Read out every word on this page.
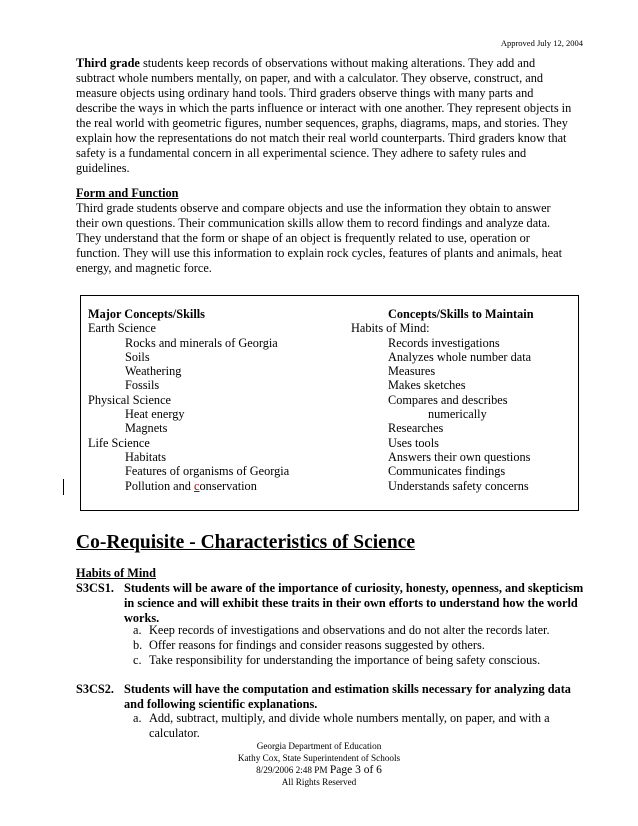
Approved July 12, 2004

Third grade students keep records of observations without making alterations. They add and subtract whole numbers mentally, on paper, and with a calculator. They observe, construct, and measure objects using ordinary hand tools. Third graders observe things with many parts and describe the ways in which the parts influence or interact with one another. They represent objects in the real world with geometric figures, number sequences, graphs, diagrams, maps, and stories. They explain how the representations do not match their real world counterparts. Third graders know that safety is a fundamental concern in all experimental science. They adhere to safety rules and guidelines.

Form and Function

Third grade students observe and compare objects and use the information they obtain to answer their own questions. Their communication skills allow them to record findings and analyze data. They understand that the form or shape of an object is frequently related to use, operation or function. They will use this information to explain rock cycles, features of plants and animals, heat energy, and magnetic force.

Major Concepts/Skills
Earth Science
Rocks and minerals of Georgia
Soils
Weathering
Fossils
Physical Science
Heat energy
Magnets
Life Science
Habitats
Features of organisms of Georgia
Pollution and conservation
Concepts/Skills to Maintain
Habits of Mind:
Records investigations
Analyzes whole number data
Measures
Makes sketches
Compares and describes
numerically
Researches
Uses tools
Answers their own questions
Communicates findings
Understands safety concerns
Co-Requisite - Characteristics of Science
Habits of Mind
S3CS1. Students will be aware of the importance of curiosity, honesty, openness, and skepticism in science and will exhibit these traits in their own efforts to understand how the world works.
a. Keep records of investigations and observations and do not alter the records later.
b. Offer reasons for findings and consider reasons suggested by others.
c. Take responsibility for understanding the importance of being safety conscious.
S3CS2. Students will have the computation and estimation skills necessary for analyzing data and following scientific explanations.
a. Add, subtract, multiply, and divide whole numbers mentally, on paper, and with a calculator.
Georgia Department of Education
Kathy Cox, State Superintendent of Schools
8/29/2006 2:48 PM Page 3 of 6
All Rights Reserved
